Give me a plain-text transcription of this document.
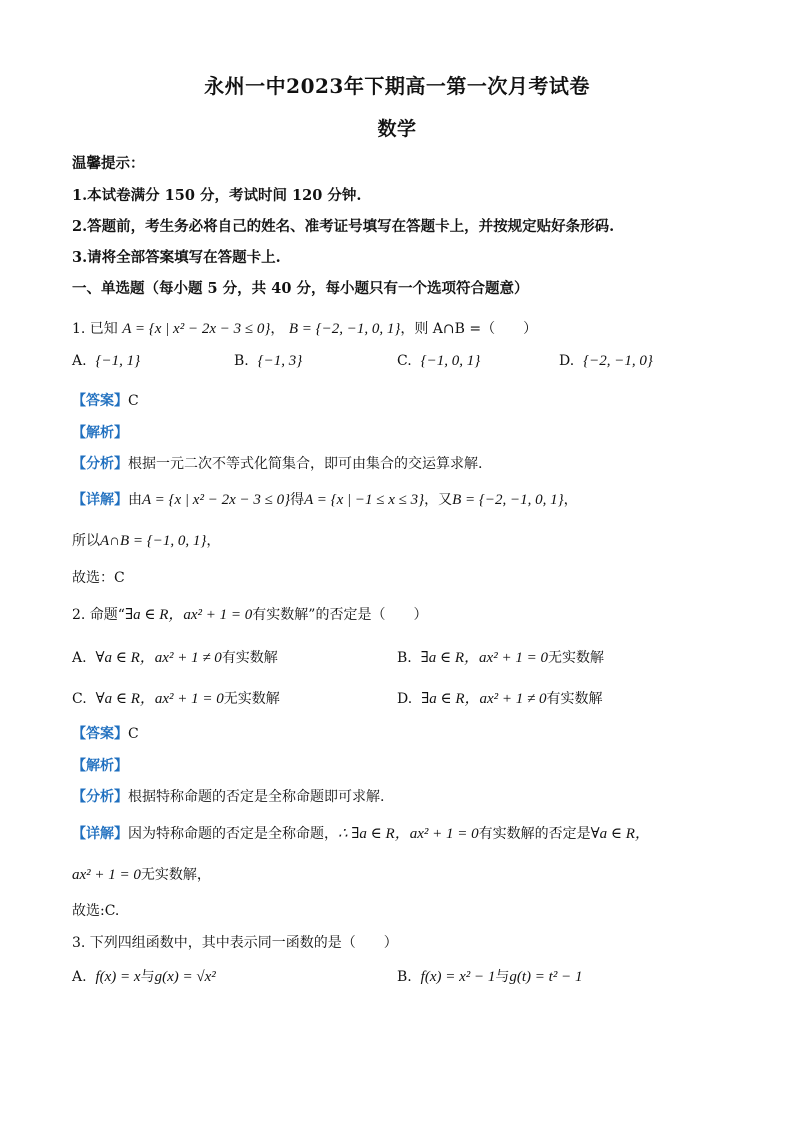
永州一中2023年下期高一第一次月考试卷
数学
温馨提示：
1.本试卷满分 150 分，考试时间 120 分钟.
2.答题前，考生务必将自己的姓名、准考证号填写在答题卡上，并按规定贴好条形码.
3.请将全部答案填写在答题卡上.
一、单选题（每小题 5 分，共 40 分，每小题只有一个选项符合题意）
1. 已知 A = {x | x² − 2x − 3 ≤ 0}， B = {−2, −1, 0, 1}，则 A∩B =（　　）
A. {−1, 1}	B. {−1, 3}	C. {−1, 0, 1}	D. {−2, −1, 0}
【答案】C
【解析】
【分析】根据一元二次不等式化简集合，即可由集合的交运算求解.
【详解】由A = {x | x² − 2x − 3 ≤ 0}得A = {x | −1 ≤ x ≤ 3}，又B = {−2, −1, 0, 1}，
所以A∩B = {−1, 0, 1}，
故选：C
2. 命题“∃a ∈ R，ax² + 1 = 0有实数解”的否定是（　　）
A. ∀a ∈ R，ax² + 1 ≠ 0有实数解	B. ∃a ∈ R，ax² + 1 = 0无实数解
C. ∀a ∈ R，ax² + 1 = 0无实数解	D. ∃a ∈ R，ax² + 1 ≠ 0有实数解
【答案】C
【解析】
【分析】根据特称命题的否定是全称命题即可求解.
【详解】因为特称命题的否定是全称命题，∴ ∃a ∈ R，ax² + 1 = 0有实数解的否定是∀a ∈ R，
ax² + 1 = 0无实数解，
故选:C.
3. 下列四组函数中，其中表示同一函数的是（　　）
A. f(x) = x与g(x) = √x²	B. f(x) = x² − 1与g(t) = t² − 1
